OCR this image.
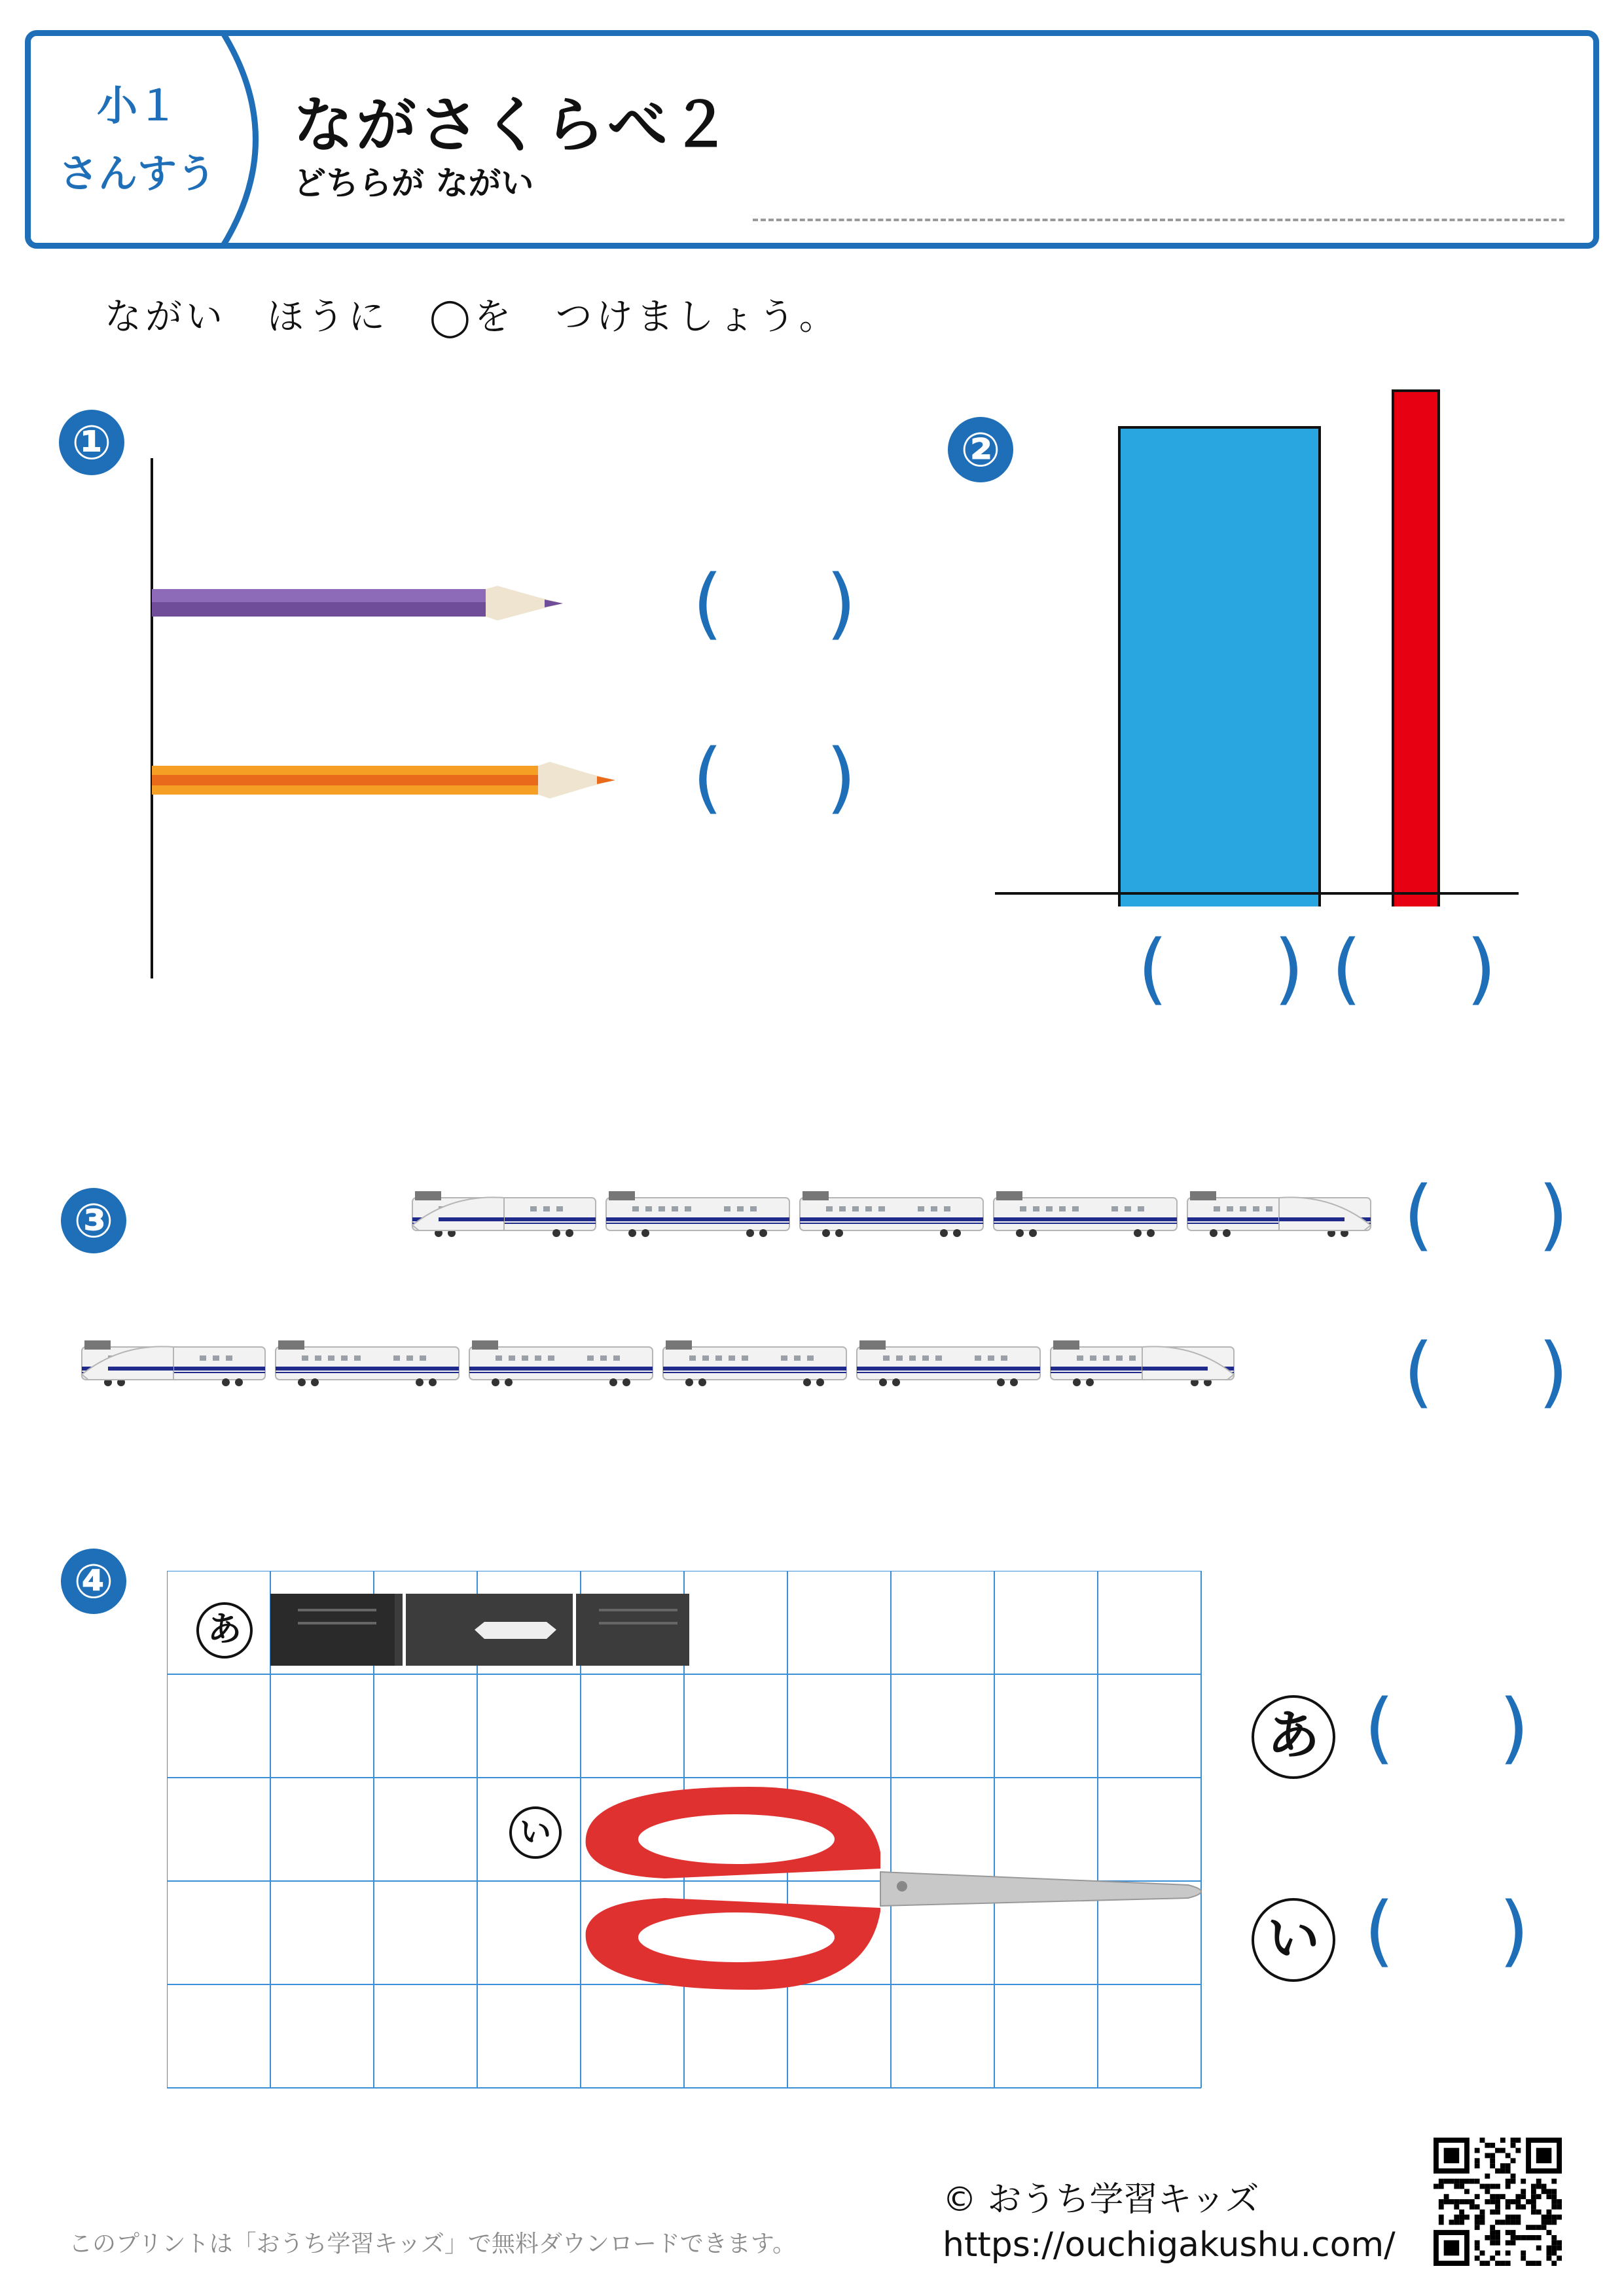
小１
さんすう
ながさくらべ２
どちらが ながい
ながい　ほうに　◯を　つけましょう。
①
( )
( )
②
( ) ( )
③	( )
( )
④
あ
い
あ ( )
い ( )
© おうち学習キッズ
https://ouchigakushu.com/
このプリントは「おうち学習キッズ」で無料ダウンロードできます。
